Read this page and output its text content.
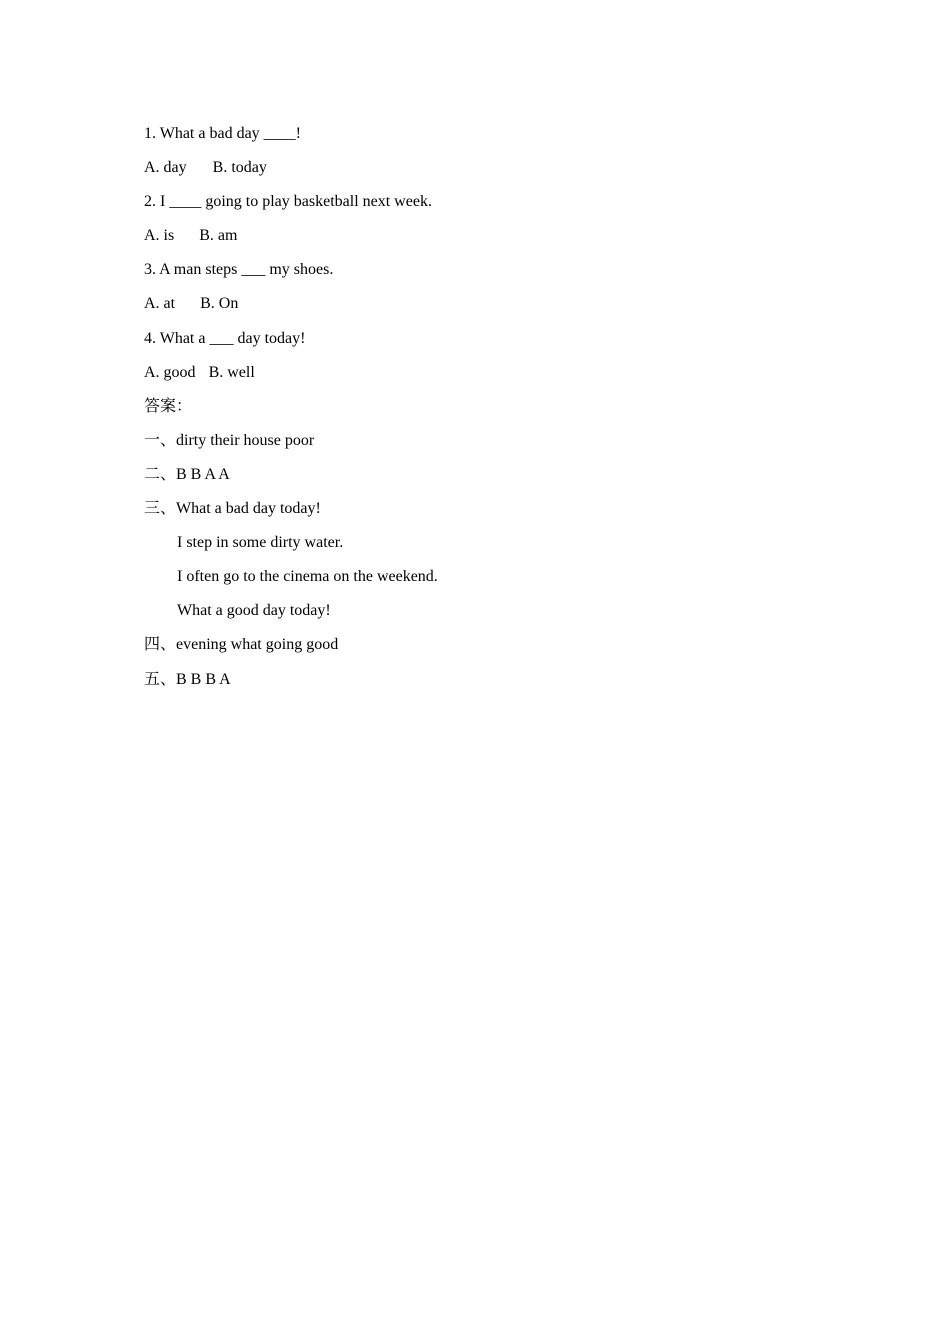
1. What a bad day ____!
A. day B. today
2. I ____ going to play basketball next week.
A. is B. am
3. A man steps ___ my shoes.
A. at B. On
4. What a ___ day today!
A. good B. well
答案：
一、dirty their house poor
二、B B A A
三、What a bad day today!
I step in some dirty water.
I often go to the cinema on the weekend.
What a good day today!
四、evening what going good
五、B B B A
